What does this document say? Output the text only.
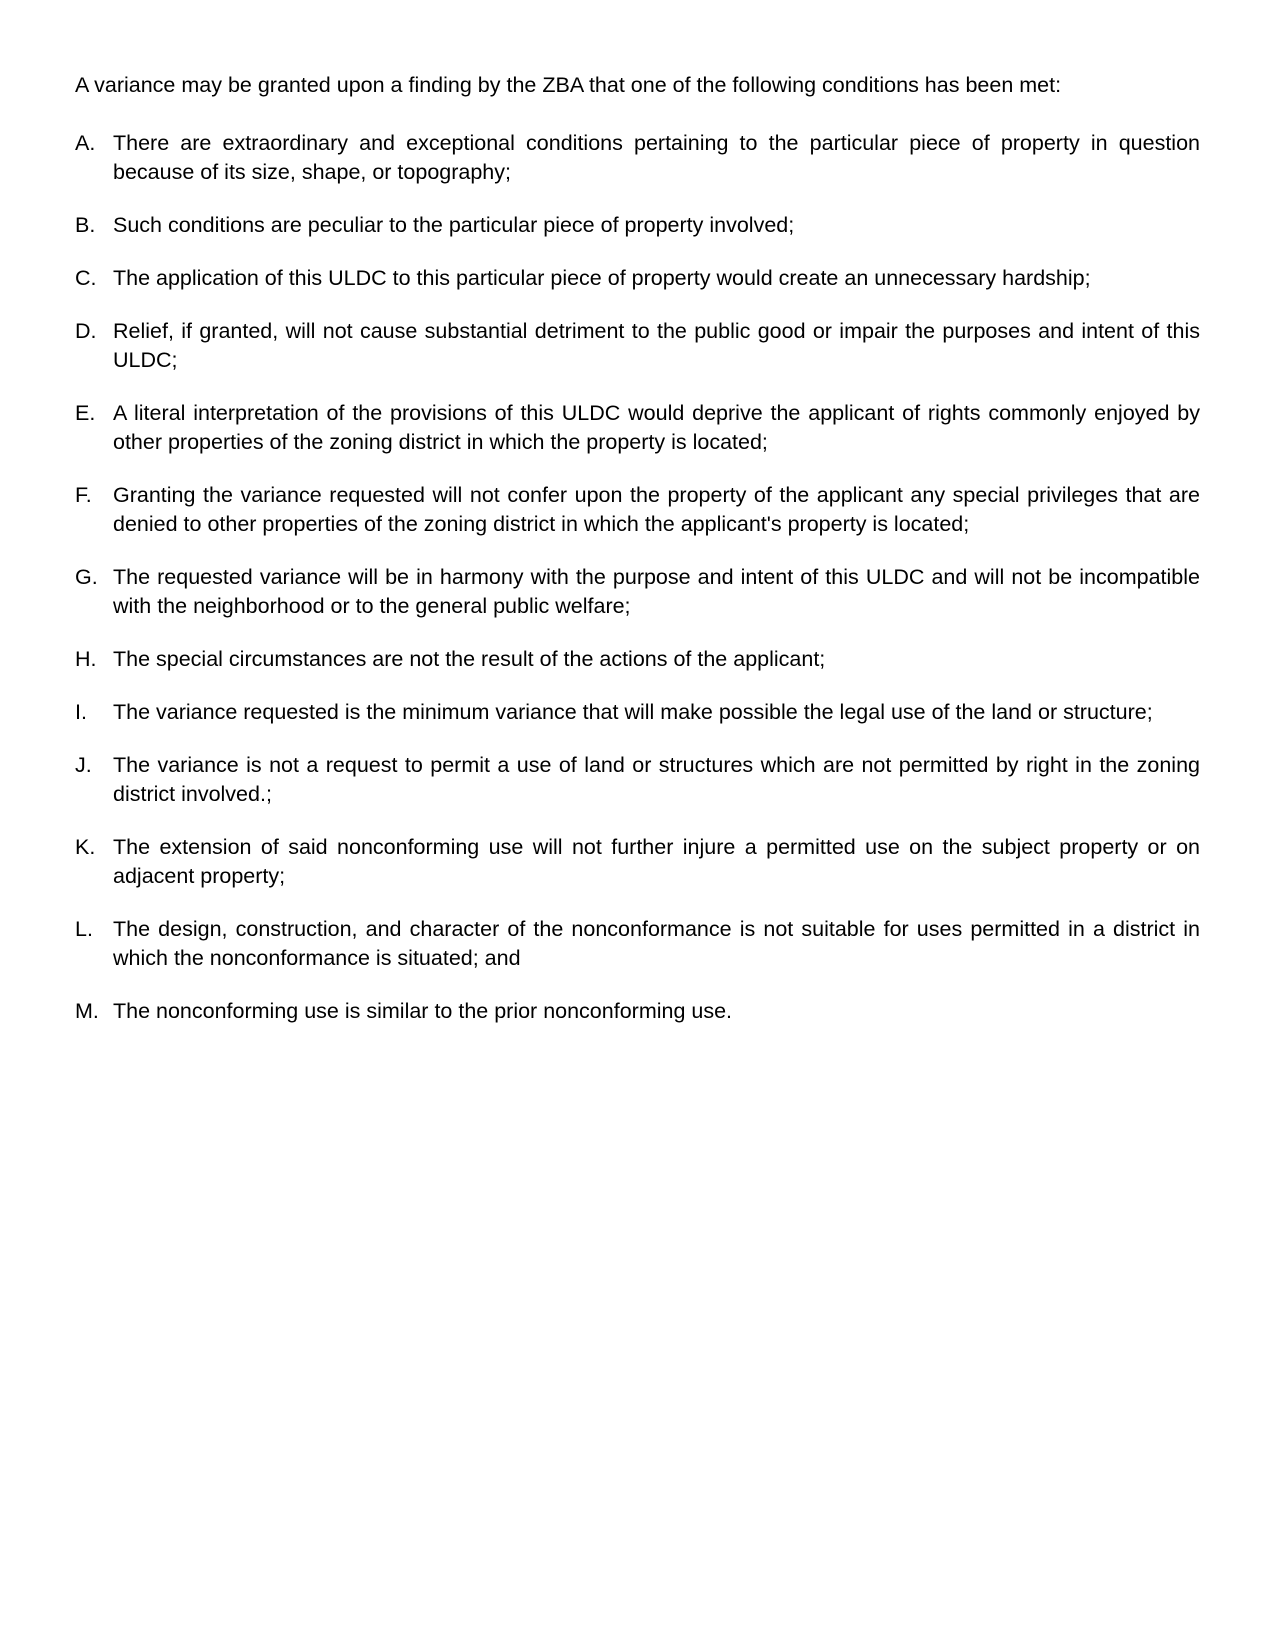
A variance may be granted upon a finding by the ZBA that one of the following conditions has been met:

A. There are extraordinary and exceptional conditions pertaining to the particular piece of property in question because of its size, shape, or topography;
B. Such conditions are peculiar to the particular piece of property involved;
C. The application of this ULDC to this particular piece of property would create an unnecessary hardship;
D. Relief, if granted, will not cause substantial detriment to the public good or impair the purposes and intent of this ULDC;
E. A literal interpretation of the provisions of this ULDC would deprive the applicant of rights commonly enjoyed by other properties of the zoning district in which the property is located;
F. Granting the variance requested will not confer upon the property of the applicant any special privileges that are denied to other properties of the zoning district in which the applicant's property is located;
G. The requested variance will be in harmony with the purpose and intent of this ULDC and will not be incompatible with the neighborhood or to the general public welfare;
H. The special circumstances are not the result of the actions of the applicant;
I.	The variance requested is the minimum variance that will make possible the legal use of the land or structure;
J. The variance is not a request to permit a use of land or structures which are not permitted by right in the zoning district involved.;
K. The extension of said nonconforming use will not further injure a permitted use on the subject property or on adjacent property;
L. The design, construction, and character of the nonconformance is not suitable for uses permitted in a district in which the nonconformance is situated; and
M. The nonconforming use is similar to the prior nonconforming use.
